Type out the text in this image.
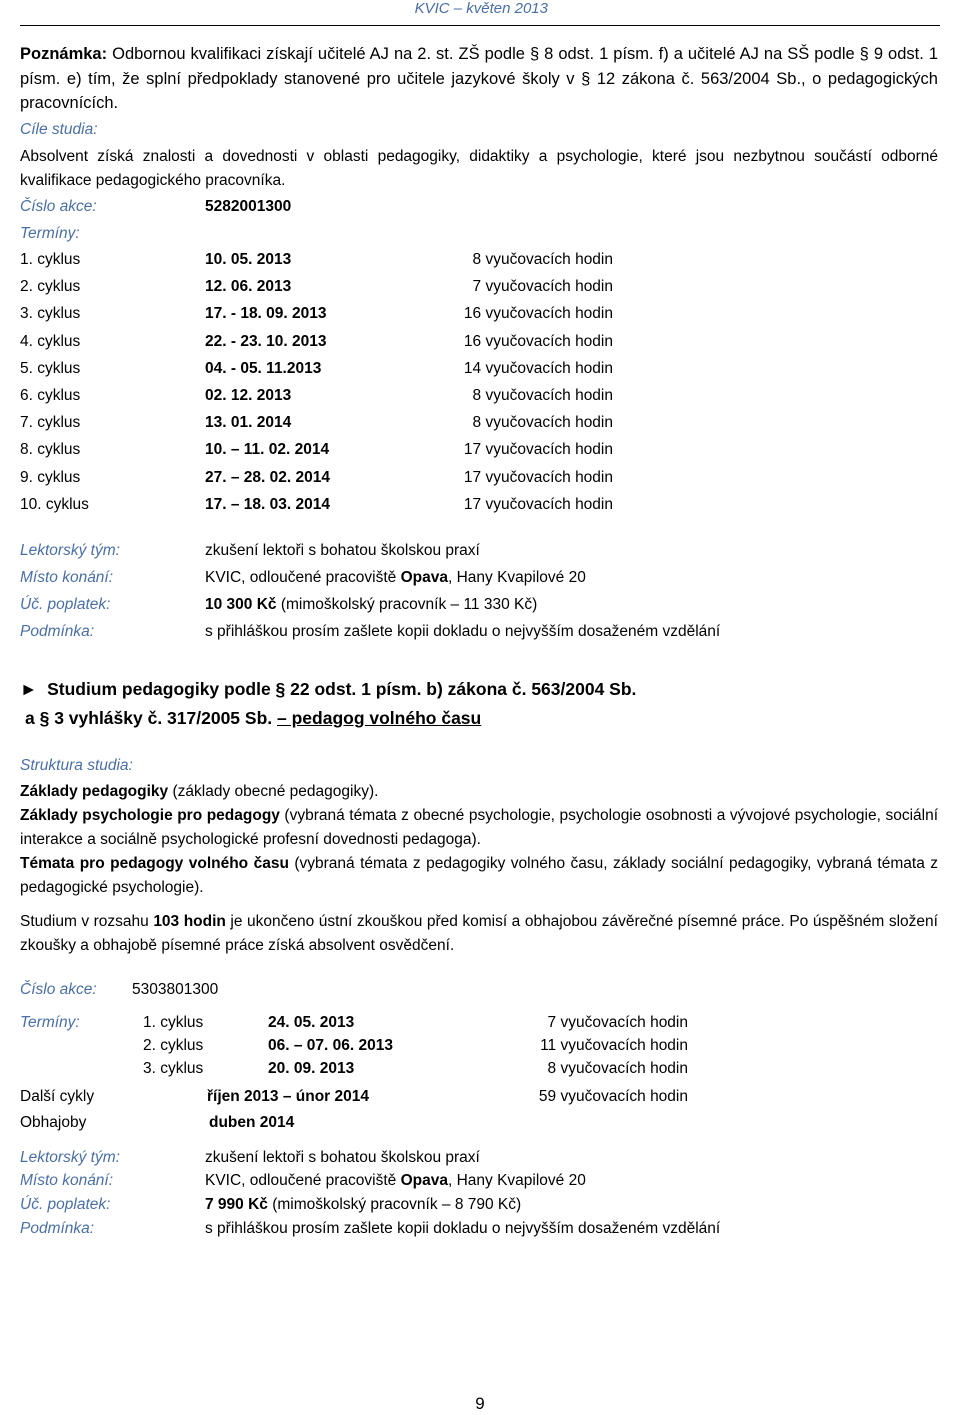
KVIC – květen 2013
Poznámka: Odbornou kvalifikaci získají učitelé AJ na 2. st. ZŠ podle § 8 odst. 1 písm. f) a učitelé AJ na SŠ podle § 9 odst. 1 písm. e) tím, že splní předpoklady stanovené pro učitele jazykové školy v § 12 zákona č. 563/2004 Sb., o pedagogických pracovnících.
Cíle studia:
Absolvent získá znalosti a dovednosti v oblasti pedagogiky, didaktiky a psychologie, které jsou nezbytnou součástí odborné kvalifikace pedagogického pracovníka.
Číslo akce:	5282001300
Termíny:
1. cyklus	10. 05. 2013	8 vyučovacích hodin
2. cyklus	12. 06. 2013	7 vyučovacích hodin
3. cyklus	17. - 18. 09. 2013	16 vyučovacích hodin
4. cyklus	22. - 23. 10. 2013	16 vyučovacích hodin
5. cyklus	04. - 05. 11.2013	14 vyučovacích hodin
6. cyklus	02. 12. 2013	8 vyučovacích hodin
7. cyklus	13. 01. 2014	8 vyučovacích hodin
8. cyklus	10. – 11. 02. 2014	17 vyučovacích hodin
9. cyklus	27. – 28. 02. 2014	17 vyučovacích hodin
10. cyklus	17. – 18. 03. 2014	17 vyučovacích hodin
Lektorský tým:	zkušení lektoři s bohatou školskou praxí
Místo konání:	KVIC, odloučené pracoviště Opava, Hany Kvapilové 20
Úč. poplatek:	10 300 Kč (mimoškolský pracovník – 11 330 Kč)
Podmínka:	s přihláškou prosím zašlete kopii dokladu o nejvyšším dosaženém vzdělání
► Studium pedagogiky podle § 22 odst. 1 písm. b) zákona č. 563/2004 Sb.
a § 3 vyhlášky č. 317/2005 Sb. – pedagog volného času
Struktura studia:
Základy pedagogiky (základy obecné pedagogiky).
Základy psychologie pro pedagogy (vybraná témata z obecné psychologie, psychologie osobnosti a vývojové psychologie, sociální interakce a sociálně psychologické profesní dovednosti pedagoga).
Témata pro pedagogy volného času (vybraná témata z pedagogiky volného času, základy sociální pedagogiky, vybraná témata z pedagogické psychologie).
Studium v rozsahu 103 hodin je ukončeno ústní zkouškou před komisí a obhajobou závěrečné písemné práce. Po úspěšném složení zkoušky a obhajobě písemné práce získá absolvent osvědčení.
Číslo akce: 5303801300
Termíny:	1. cyklus	24. 05. 2013	7 vyučovacích hodin
2. cyklus	06. – 07. 06. 2013	11 vyučovacích hodin
3. cyklus	20. 09. 2013	8 vyučovacích hodin
Další cykly	říjen 2013 – únor 2014	59 vyučovacích hodin
Obhajoby	duben 2014
Lektorský tým:	zkušení lektoři s bohatou školskou praxí
Místo konání:	KVIC, odloučené pracoviště Opava, Hany Kvapilové 20
Úč. poplatek:	7 990 Kč (mimoškolský pracovník – 8 790 Kč)
Podmínka:	s přihláškou prosím zašlete kopii dokladu o nejvyšším dosaženém vzdělání
9
